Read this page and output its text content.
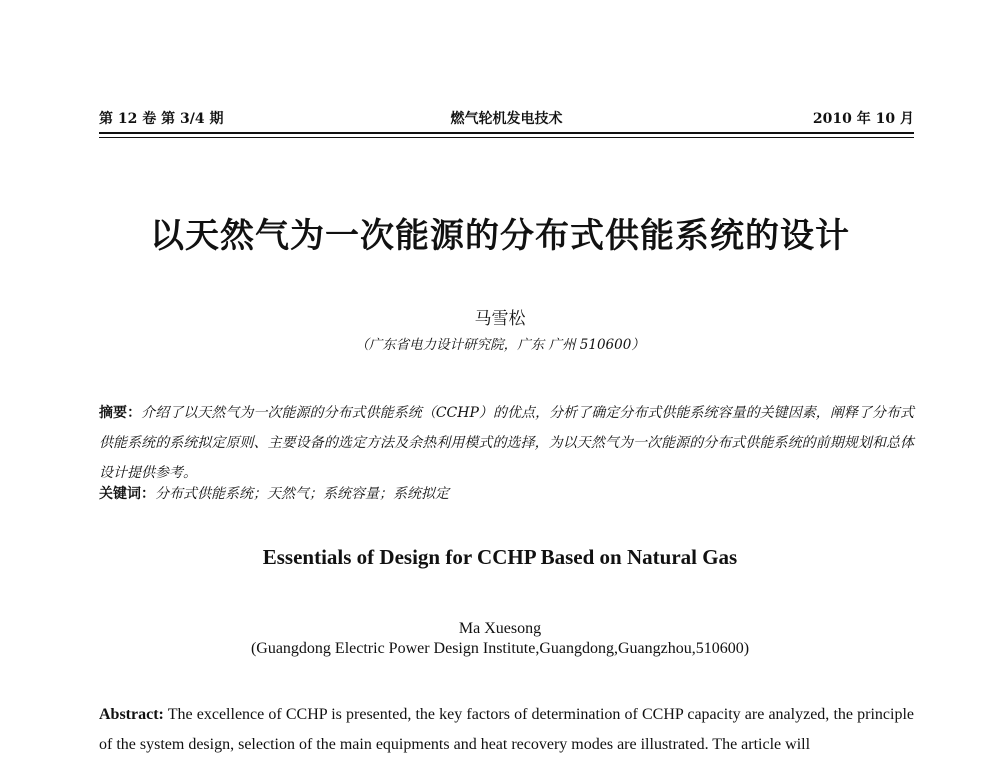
第 12 卷 第 3/4 期	燃气轮机发电技术	2010 年 10 月
以天然气为一次能源的分布式供能系统的设计
马雪松
（广东省电力设计研究院，广东 广州 510600）
摘要：介绍了以天然气为一次能源的分布式供能系统（CCHP）的优点，分析了确定分布式供能系统容量的关键因素，阐释了分布式供能系统的系统拟定原则、主要设备的选定方法及余热利用模式的选择，为以天然气为一次能源的分布式供能系统的前期规划和总体设计提供参考。
关键词：分布式供能系统；天然气；系统容量；系统拟定
Essentials of Design for CCHP Based on Natural Gas
Ma Xuesong
(Guangdong Electric Power Design Institute,Guangdong,Guangzhou,510600)
Abstract: The excellence of CCHP is presented, the key factors of determination of CCHP capacity are analyzed, the principle of the system design, selection of the main equipments and heat recovery modes are illustrated. The article will
